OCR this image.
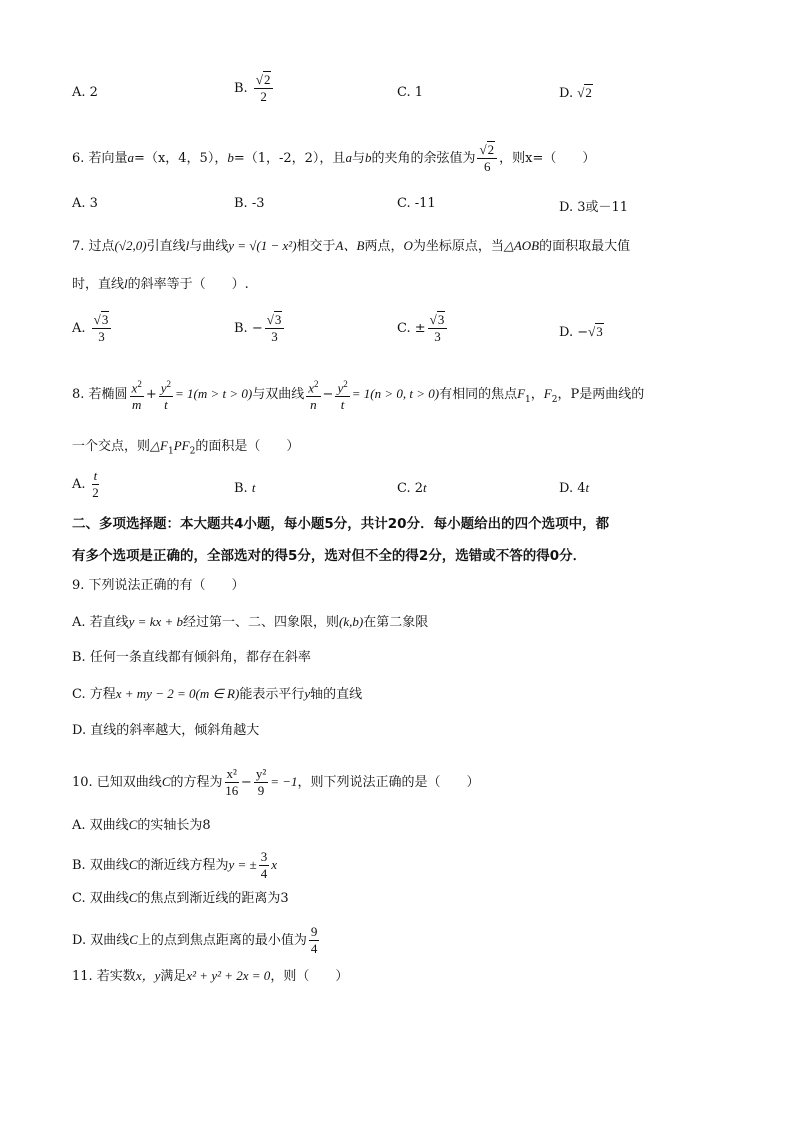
A. 2	B. $\frac{√2}{2}$	C. 1	D. √2
6. 若向量a=（x，4，5），b=（1，-2，2），且a与b的夹角的余弦值为 $\frac{√2}{6}$ ，则x=（　　）
A. 3	B. -3	C. -11	D. 3或－11
7. 过点(√2,0)引直线l与曲线y = √(1 − x²)相交于A、B两点，O为坐标原点，当△AOB的面积取最大值
时，直线l的斜率等于（　　）.
A. $\frac{√3}{3}$	B. − $\frac{√3}{3}$	C. ± $\frac{√3}{3}$	D. −√3
8. 若椭圆 $\frac{x^2}{m} + \frac{y^2}{t} = 1(m > t > 0)$与双曲线 $\frac{x^2}{n} - \frac{y^2}{t} = 1(n > 0$, t > 0)有相同的焦点$F_1$，$F_2$，P是两曲线的
一个交点，则$\triangle F_1PF_2$的面积是（　　）
A. $\frac{t}{2}$	B. t	C. 2t	D. 4t
二、多项选择题：本大题共4小题，每小题5分，共计20分．每小题给出的四个选项中，都
有多个选项是正确的，全部选对的得5分，选对但不全的得2分，选错或不答的得0分．
9. 下列说法正确的有（　　）
A. 若直线y = kx + b经过第一、二、四象限，则(k,b)在第二象限
B. 任何一条直线都有倾斜角，都存在斜率
C. 方程x + my − 2 = 0(m ∈ R)能表示平行y轴的直线
D. 直线的斜率越大，倾斜角越大
10. 已知双曲线C的方程为 $\frac{\text{x²}}{16} - \frac{\text{y²}}{9} = -1$，则下列说法正确的是（　　）
A. 双曲线C的实轴长为8
B. 双曲线C的渐近线方程为y = ± $\frac{3}{4}$ x
C. 双曲线C的焦点到渐近线的距离为3
D. 双曲线C上的点到焦点距离的最小值为 $\frac{9}{4}$
11. 若实数x，y满足x² + y² + 2x = 0，则（　　）
